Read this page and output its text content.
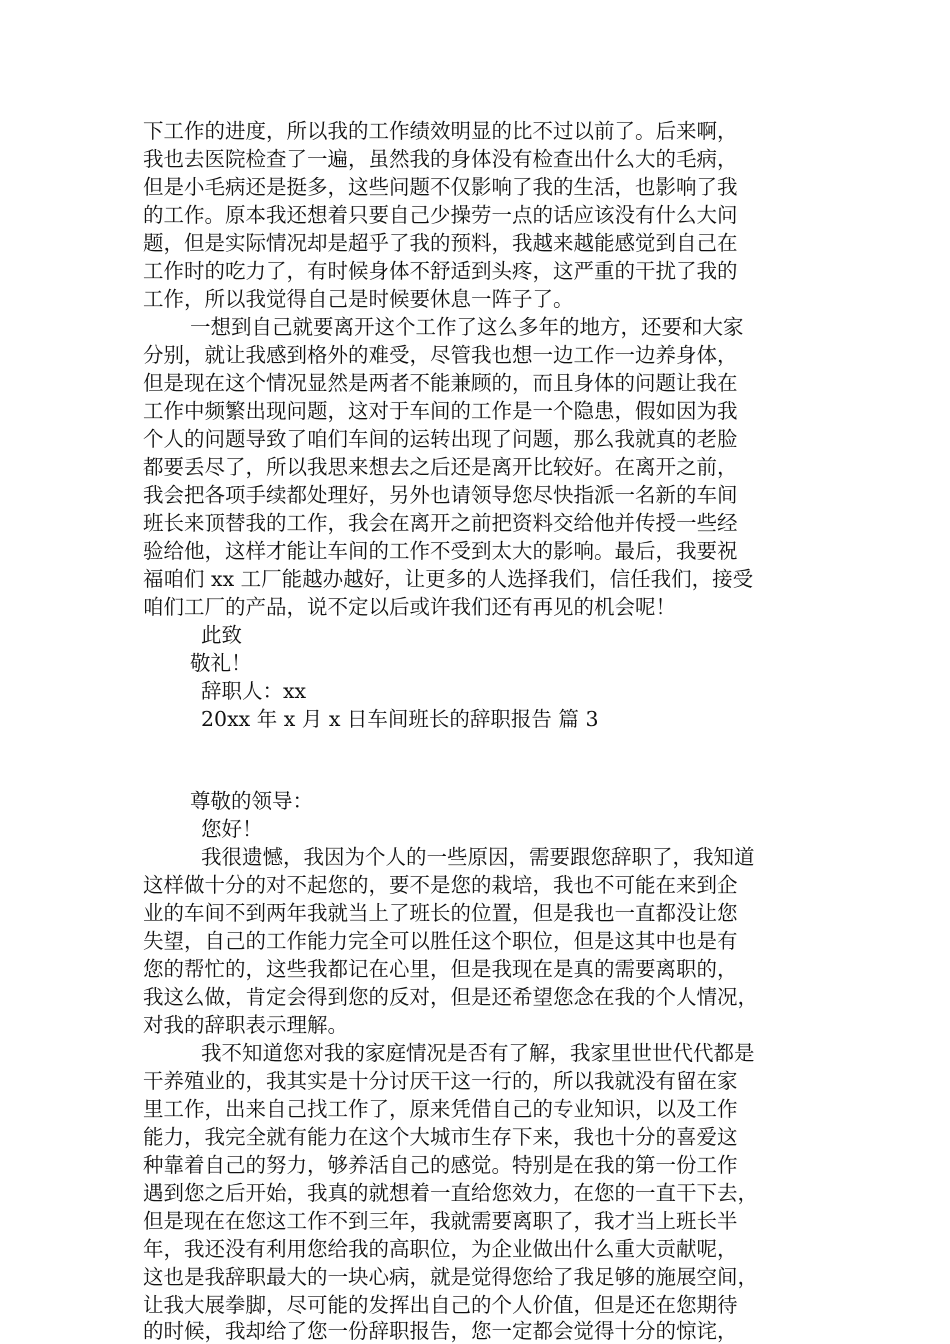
下工作的进度，所以我的工作绩效明显的比不过以前了。后来啊，
我也去医院检查了一遍，虽然我的身体没有检查出什么大的毛病，
但是小毛病还是挺多，这些问题不仅影响了我的生活，也影响了我
的工作。原本我还想着只要自己少操劳一点的话应该没有什么大问
题，但是实际情况却是超乎了我的预料，我越来越能感觉到自己在
工作时的吃力了，有时候身体不舒适到头疼，这严重的干扰了我的
工作，所以我觉得自己是时候要休息一阵子了。
一想到自己就要离开这个工作了这么多年的地方，还要和大家
分别，就让我感到格外的难受，尽管我也想一边工作一边养身体，
但是现在这个情况显然是两者不能兼顾的，而且身体的问题让我在
工作中频繁出现问题，这对于车间的工作是一个隐患，假如因为我
个人的问题导致了咱们车间的运转出现了问题，那么我就真的老脸
都要丢尽了，所以我思来想去之后还是离开比较好。在离开之前，
我会把各项手续都处理好，另外也请领导您尽快指派一名新的车间
班长来顶替我的工作，我会在离开之前把资料交给他并传授一些经
验给他，这样才能让车间的工作不受到太大的影响。最后，我要祝
福咱们 xx 工厂能越办越好，让更多的人选择我们，信任我们，接受
咱们工厂的产品，说不定以后或许我们还有再见的机会呢！
此致
敬礼！
辞职人：xx
20xx 年 x 月 x 日车间班长的辞职报告 篇 3
尊敬的领导：
您好！
我很遗憾，我因为个人的一些原因，需要跟您辞职了，我知道
这样做十分的对不起您的，要不是您的栽培，我也不可能在来到企
业的车间不到两年我就当上了班长的位置，但是我也一直都没让您
失望，自己的工作能力完全可以胜任这个职位，但是这其中也是有
您的帮忙的，这些我都记在心里，但是我现在是真的需要离职的，
我这么做，肯定会得到您的反对，但是还希望您念在我的个人情况，
对我的辞职表示理解。
我不知道您对我的家庭情况是否有了解，我家里世世代代都是
干养殖业的，我其实是十分讨厌干这一行的，所以我就没有留在家
里工作，出来自己找工作了，原来凭借自己的专业知识，以及工作
能力，我完全就有能力在这个大城市生存下来，我也十分的喜爱这
种靠着自己的努力，够养活自己的感觉。特别是在我的第一份工作
遇到您之后开始，我真的就想着一直给您效力，在您的一直干下去，
但是现在在您这工作不到三年，我就需要离职了，我才当上班长半
年，我还没有利用您给我的高职位，为企业做出什么重大贡献呢，
这也是我辞职最大的一块心病，就是觉得您给了我足够的施展空间，
让我大展拳脚，尽可能的发挥出自己的个人价值，但是还在您期待
的时候，我却给了您一份辞职报告，您一定都会觉得十分的惊诧，
